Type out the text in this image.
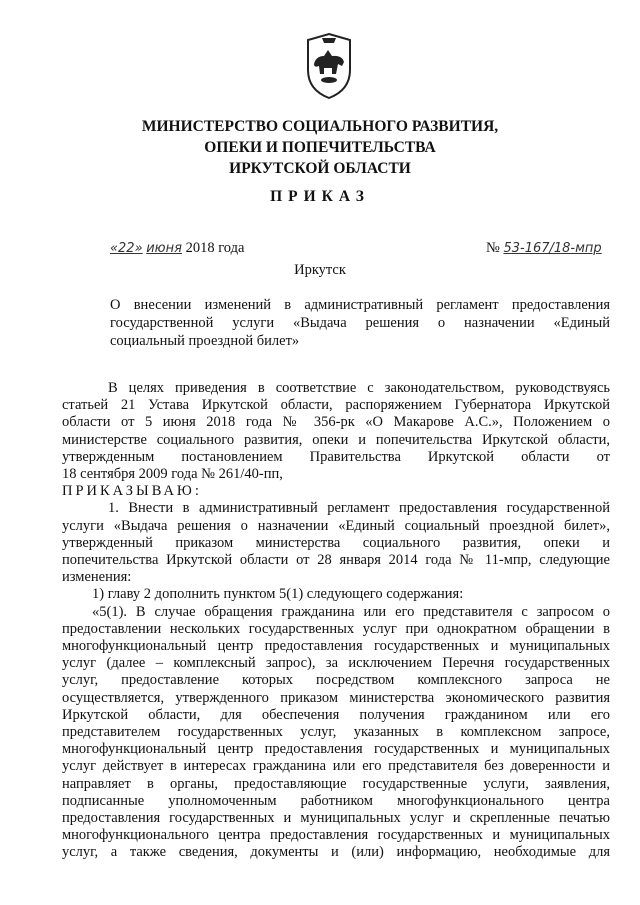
МИНИСТЕРСТВО СОЦИАЛЬНОГО РАЗВИТИЯ,
ОПЕКИ И ПОПЕЧИТЕЛЬСТВА
ИРКУТСКОЙ ОБЛАСТИ
ПРИКАЗ
«22» июня 2018 года	№ 53-167/18-мпр
Иркутск
О внесении изменений в административный регламент предоставления
государственной услуги «Выдача решения о назначении «Единый
социальный проездной билет»
В целях приведения в соответствие с законодательством, руководствуясь
статьей 21 Устава Иркутской области, распоряжением Губернатора Иркутской
области от 5 июня 2018 года № 356-рк «О Макарове А.С.», Положением о
министерстве социального развития, опеки и попечительства Иркутской области,
утвержденным постановлением Правительства Иркутской области от
18 сентября 2009 года № 261/40-пп,
ПРИКАЗЫВАЮ:
1. Внести в административный регламент предоставления государственной
услуги «Выдача решения о назначении «Единый социальный проездной билет»,
утвержденный приказом министерства социального развития, опеки и
попечительства Иркутской области от 28 января 2014 года № 11-мпр, следующие
изменения:
1) главу 2 дополнить пунктом 5(1) следующего содержания:
«5(1). В случае обращения гражданина или его представителя с запросом о
предоставлении нескольких государственных услуг при однократном обращении в
многофункциональный центр предоставления государственных и муниципальных
услуг (далее – комплексный запрос), за исключением Перечня государственных
услуг, предоставление которых посредством комплексного запроса не
осуществляется, утвержденного приказом министерства экономического развития
Иркутской области, для обеспечения получения гражданином или его
представителем государственных услуг, указанных в комплексном запросе,
многофункциональный центр предоставления государственных и муниципальных
услуг действует в интересах гражданина или его представителя без доверенности и
направляет в органы, предоставляющие государственные услуги, заявления,
подписанные уполномоченным работником многофункционального центра
предоставления государственных и муниципальных услуг и скрепленные печатью
многофункционального центра предоставления государственных и муниципальных
услуг, а также сведения, документы и (или) информацию, необходимые для
